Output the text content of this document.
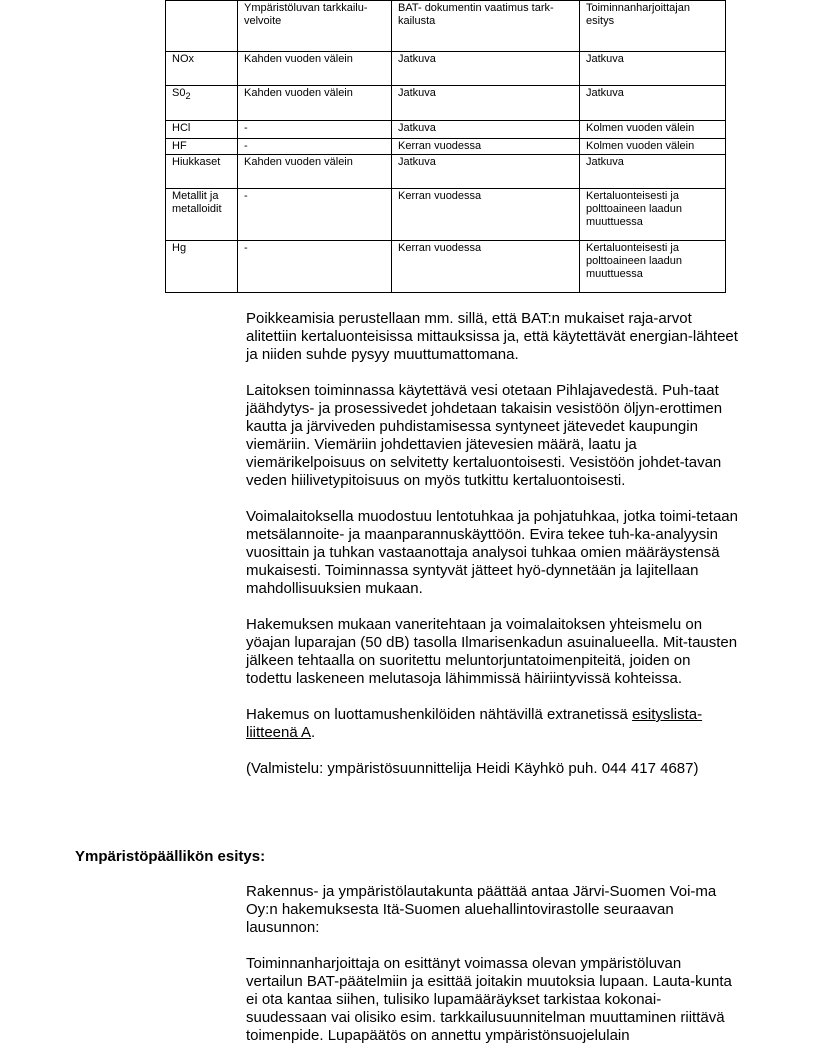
	Ympäristöluvan tarkkailu-velvoite	BAT- dokumentin vaatimus tark-kailusta	Toiminnanharjoittajan esitys
NOx	Kahden vuoden välein	Jatkuva	Jatkuva
$S0_2$	Kahden vuoden välein	Jatkuva	Jatkuva
HCl	-	Jatkuva	Kolmen vuoden välein
HF	-	Kerran vuodessa	Kolmen vuoden välein
Hiukkaset	Kahden vuoden välein	Jatkuva	Jatkuva
Metallit ja metalloidit	-	Kerran vuodessa	Kertaluonteisesti ja polttoaineen laadun muuttuessa
Hg	-	Kerran vuodessa	Kertaluonteisesti ja polttoaineen laadun muuttuessa

Poikkeamisia perustellaan mm. sillä, että BAT:n mukaiset raja-arvot alitettiin kertaluonteisissa mittauksissa ja, että käytettävät energian-lähteet ja niiden suhde pysyy muuttumattomana.

Laitoksen toiminnassa käytettävä vesi otetaan Pihlajavedestä. Puh-taat jäähdytys- ja prosessivedet johdetaan takaisin vesistöön öljyn-erottimen kautta ja järviveden puhdistamisessa syntyneet jätevedet kaupungin viemäriin. Viemäriin johdettavien jätevesien määrä, laatu ja viemärikelpoisuus on selvitetty kertaluontoisesti. Vesistöön johdet-tavan veden hiilivetypitoisuus on myös tutkittu kertaluontoisesti.

Voimalaitoksella muodostuu lentotuhkaa ja pohjatuhkaa, jotka toimi-tetaan metsälannoite- ja maanparannuskäyttöön. Evira tekee tuh-ka-analyysin vuosittain ja tuhkan vastaanottaja analysoi tuhkaa omien määräystensä mukaisesti. Toiminnassa syntyvät jätteet hyö-dynnetään ja lajitellaan mahdollisuuksien mukaan.

Hakemuksen mukaan vaneritehtaan ja voimalaitoksen yhteismelu on yöajan luparajan (50 dB) tasolla Ilmarisenkadun asuinalueella. Mit-tausten jälkeen tehtaalla on suoritettu meluntorjuntatoimenpiteitä, joiden on todettu laskeneen melutasoja lähimmissä häiriintyvissä kohteissa.

Hakemus on luottamushenkilöiden nähtävillä extranetissä esityslista-liitteenä A.

(Valmistelu: ympäristösuunnittelija Heidi Käyhkö puh. 044 417 4687)

Ympäristöpäällikön esitys:

Rakennus- ja ympäristölautakunta päättää antaa Järvi-Suomen Voi-ma Oy:n hakemuksesta Itä-Suomen aluehallintovirastolle seuraavan lausunnon:

Toiminnanharjoittaja on esittänyt voimassa olevan ympäristöluvan vertailun BAT-päätelmiin ja esittää joitakin muutoksia lupaan. Lauta-kunta ei ota kantaa siihen, tulisiko lupamääräykset tarkistaa kokonai-suudessaan vai olisiko esim. tarkkailusuunnitelman muuttaminen riittävä toimenpide. Lupapäätös on annettu ympäristönsuojelulain
